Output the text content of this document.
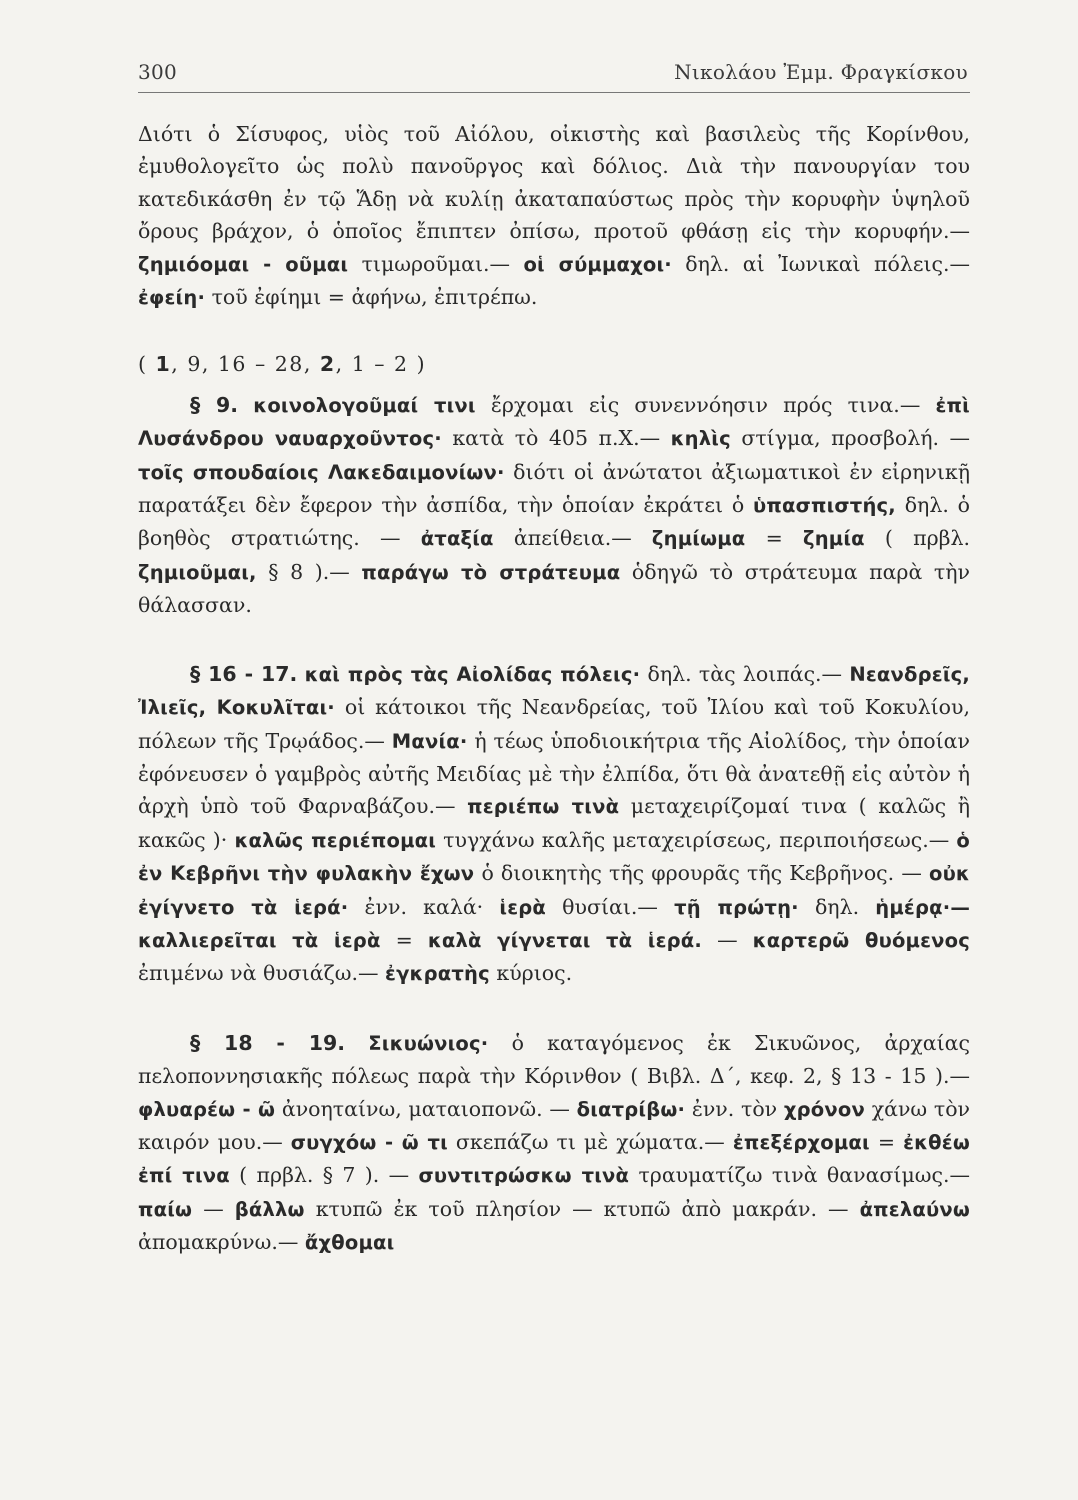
300	Νικολάου Ἐμμ. Φραγκίσκου

Διότι ὁ Σίσυφος, υἱὸς τοῦ Αἰόλου, οἰκιστὴς καὶ βασιλεὺς τῆς Κορίνθου, ἐμυθολογεῖτο ὡς πολὺ πανοῦργος καὶ δόλιος. Διὰ τὴν πανουργίαν του κατεδικάσθη ἐν τῷ Ἅδῃ νὰ κυλίῃ ἀκαταπαύστως πρὸς τὴν κορυφὴν ὑψηλοῦ ὄρους βράχον, ὁ ὁποῖος ἔπιπτεν ὀπίσω, προτοῦ φθάσῃ εἰς τὴν κορυφήν.— ζημιόομαι - οῦμαι τιμωροῦμαι.— οἱ σύμμαχοι· δηλ. αἱ Ἰωνικαὶ πόλεις.— ἐφείη· τοῦ ἐφίημι = ἀφήνω, ἐπιτρέπω.

( 1, 9, 16 – 28, 2, 1 – 2 )

§ 9. κοινολογοῦμαί τινι ἔρχομαι εἰς συνεννόησιν πρός τινα.— ἐπὶ Λυσάνδρου ναυαρχοῦντος· κατὰ τὸ 405 π.Χ.— κηλὶς στίγμα, προσβολή. — τοῖς σπουδαίοις Λακεδαιμονίων· διότι οἱ ἀνώτατοι ἀξιωματικοὶ ἐν εἰρηνικῇ παρατάξει δὲν ἔφερον τὴν ἀσπίδα, τὴν ὁποίαν ἐκράτει ὁ ὑπασπιστής, δηλ. ὁ βοηθὸς στρατιώτης. — ἀταξία ἀπείθεια.— ζημίωμα = ζημία ( πρβλ. ζημιοῦμαι, § 8 ).— παράγω τὸ στράτευμα ὁδηγῶ τὸ στράτευμα παρὰ τὴν θάλασσαν.

§ 16 - 17. καὶ πρὸς τὰς Αἰολίδας πόλεις· δηλ. τὰς λοιπάς.— Νεανδρεῖς, Ἰλιεῖς, Κοκυλῖται· οἱ κάτοικοι τῆς Νεανδρείας, τοῦ Ἰλίου καὶ τοῦ Κοκυλίου, πόλεων τῆς Τρῳάδος.— Μανία· ἡ τέως ὑποδιοικήτρια τῆς Αἰολίδος, τὴν ὁποίαν ἐφόνευσεν ὁ γαμβρὸς αὐτῆς Μειδίας μὲ τὴν ἐλπίδα, ὅτι θὰ ἀνατεθῇ εἰς αὐτὸν ἡ ἀρχὴ ὑπὸ τοῦ Φαρναβάζου.— περιέπω τινὰ μεταχειρίζομαί τινα ( καλῶς ἢ κακῶς )· καλῶς περιέπομαι τυγχάνω καλῆς μεταχειρίσεως, περιποιήσεως.— ὁ ἐν Κεβρῆνι τὴν φυλακὴν ἔχων ὁ διοικητὴς τῆς φρουρᾶς τῆς Κεβρῆνος. — οὐκ ἐγίγνετο τὰ ἱερά· ἐνν. καλά· ἱερὰ θυσίαι.— τῇ πρώτῃ· δηλ. ἡμέρᾳ·— καλλιερεῖται τὰ ἱερὰ = καλὰ γίγνεται τὰ ἱερά. — καρτερῶ θυόμενος ἐπιμένω νὰ θυσιάζω.— ἐγκρατὴς κύριος.

§ 18 - 19. Σικυώνιος· ὁ καταγόμενος ἐκ Σικυῶνος, ἀρχαίας πελοποννησιακῆς πόλεως παρὰ τὴν Κόρινθον ( Βιβλ. Δ΄, κεφ. 2, § 13 - 15 ).— φλυαρέω - ῶ ἀνοηταίνω, ματαιοπονῶ. — διατρίβω· ἐνν. τὸν χρόνον χάνω τὸν καιρόν μου.— συγχόω - ῶ τι σκεπάζω τι μὲ χώματα.— ἐπεξέρχομαι = ἐκθέω ἐπί τινα ( πρβλ. § 7 ). — συντιτρώσκω τινὰ τραυματίζω τινὰ θανασίμως.— παίω — βάλλω κτυπῶ ἐκ τοῦ πλησίον — κτυπῶ ἀπὸ μακράν. — ἀπελαύνω ἀπομακρύνω.— ἄχθομαι
